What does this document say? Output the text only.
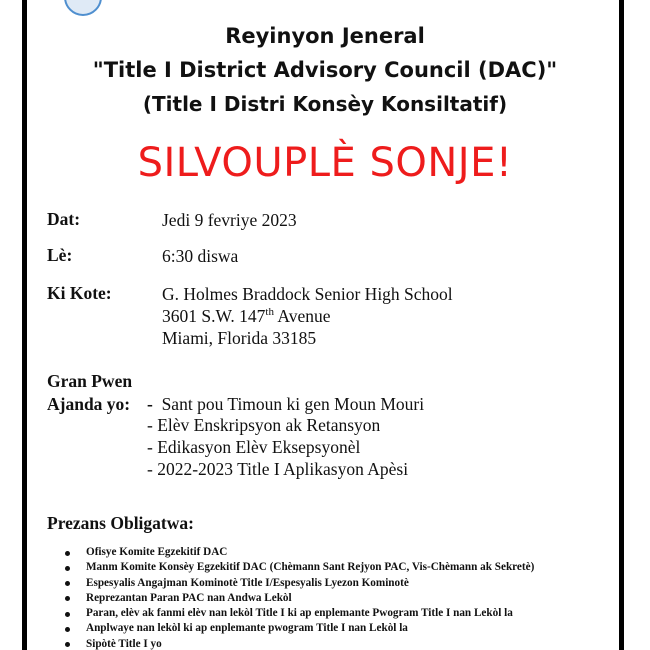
Reyinyon Jeneral
"Title I District Advisory Council (DAC)"
(Title I Distri Konsèy Konsiltatif)
SILVOUPLÈ SONJE!
Dat:	Jedi 9 fevriye 2023
Lè:	6:30 diswa
Ki Kote:	G. Holmes Braddock Senior High School
3601 S.W. 147th Avenue
Miami, Florida 33185
Gran Pwen
Ajanda yo: -  Sant pou Timoun ki gen Moun Mouri
- Elèv Enskripsyon ak Retansyon
- Edikasyon Elèv Eksepsyonèl
- 2022-2023 Title I Aplikasyon Apèsi
Prezans Obligatwa:
Ofisye Komite Egzekitif DAC
Manm Komite Konsèy Egzekitif DAC (Chèmann Sant Rejyon PAC, Vis-Chèmann ak Sekretè)
Espesyalis Angajman Kominotè Title I/Espesyalis Lyezon Kominotè
Reprezantan Paran PAC nan Andwa Lekòl
Paran, elèv ak fanmi elèv nan lekòl Title I ki ap enplemante Pwogram Title I nan Lekòl la
Anplwaye nan lekòl ki ap enplemante pwogram Title I nan Lekòl la
Sipòtè Title I yo
